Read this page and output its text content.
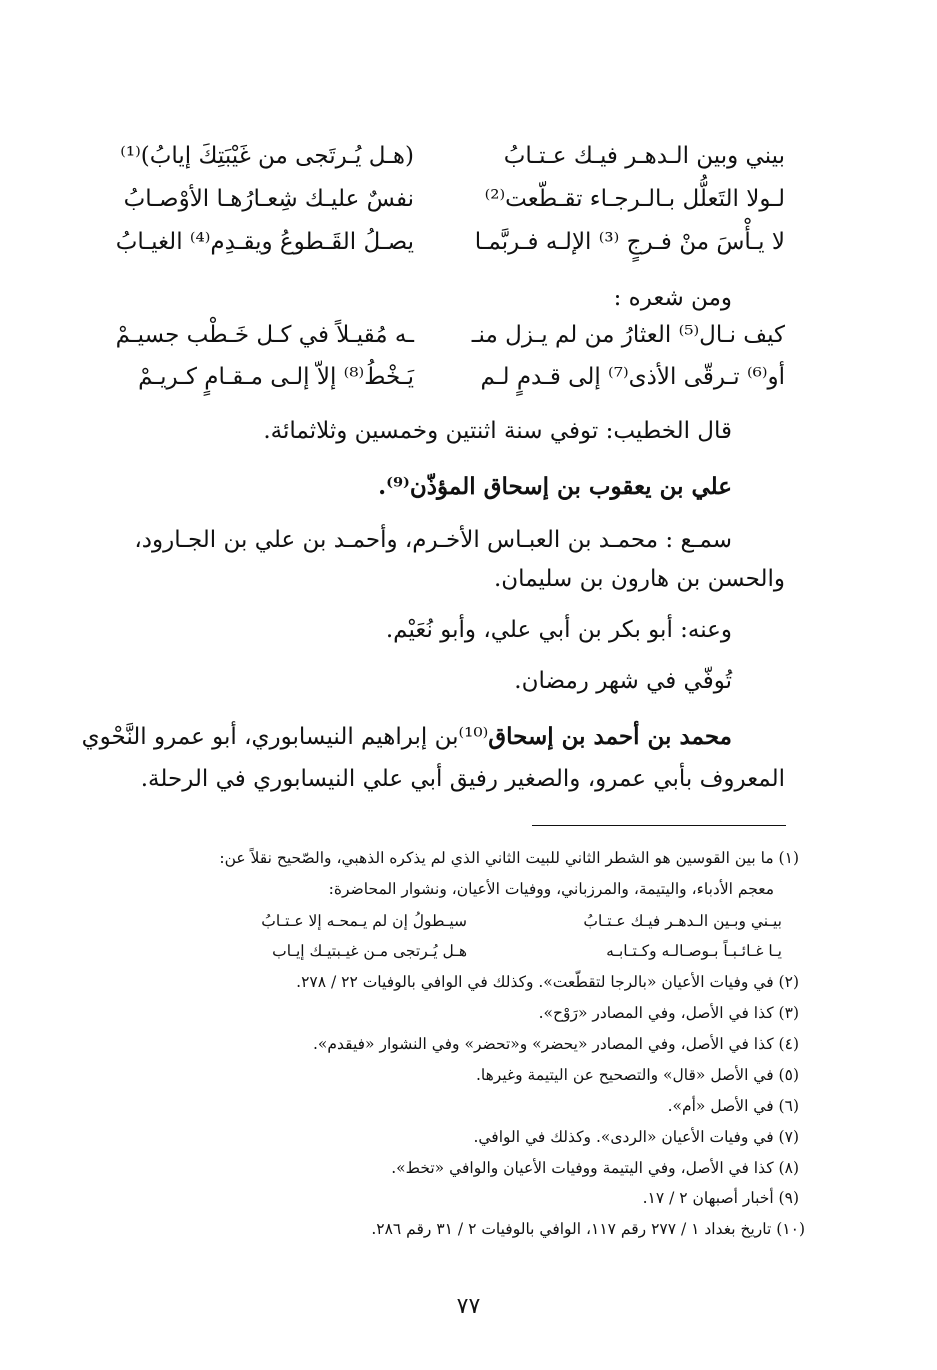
بيني وبين الـدهـر فيـك عـتـابُ
(هـل يُـرتَجى من غَيْبَتِكَ إيابُ)⁽¹⁾
لـولا التَعلُّل بـالـرجـاء تقـطّعت⁽²⁾
نفسٌ عليـك شِعـارُهـا الأوْصـابُ
لا يـأْسَ منْ فـرجٍ ⁽³⁾ الإلـه فـربَّمـا
يصـلُ القَـطوعُ ويقـدِم⁽⁴⁾ الغيـابُ
ومن شعره :
كيف نـال⁽⁵⁾ العثارُ من لم يـزل منـ
ـه مُقيـلاً في كـل خَـطْب جسيـمْ
أو⁽⁶⁾ تـرقّى الأذى⁽⁷⁾ إلى قـدمٍ لـم
يَـخْطُ⁽⁸⁾ إلاّ إلـى مـقـامٍ كـريـمْ
قال الخطيب: توفي سنة اثنتين وخمسين وثلاثمائة.
علي بن يعقوب بن إسحاق المؤذّن⁽⁹⁾.
سمـع : محمـد بن العبـاس الأخـرم، وأحمـد بن علي بن الجـارود،
والحسن بن هارون بن سليمان.
وعنه: أبو بكر بن أبي علي، وأبو نُعَيْم.
تُوفّي في شهر رمضان.
محمد بن أحمد بن إسحاق⁽¹⁰⁾بن إبراهيم النيسابوري، أبو عمرو النَّحْوي
المعروف بأبي عمرو، والصغير رفيق أبي علي النيسابوري في الرحلة.
(١) ما بين القوسين هو الشطر الثاني للبيت الثاني الذي لم يذكره الذهبي، والصّحيح نقلاً عن:
معجم الأدباء، واليتيمة، والمرزباني، ووفيات الأعيان، ونشوار المحاضرة:
بيـني وبـين الـدهـر فيـك عـتـابُ
سيـطولُ إن لم يـمحـه إلا عـتـابُ
يـا غـائـبـاً بـوصـالـه وكـتـابـه
هـل يُـرتجى مـن غيـبتيـك إيـاب
(٢) في وفيات الأعيان «بالرجا لتقطّعت». وكذلك في الوافي بالوفيات ٢٢ / ٢٧٨.
(٣) كذا في الأصل، وفي المصادر «رَوْح».
(٤) كذا في الأصل، وفي المصادر «يحضر» و«تحضر» وفي النشوار «فيقدم».
(٥) في الأصل «قال» والتصحيح عن اليتيمة وغيرها.
(٦) في الأصل «أم».
(٧) في وفيات الأعيان «الردى». وكذلك في الوافي.
(٨) كذا في الأصل، وفي اليتيمة ووفيات الأعيان والوافي «تخط».
(٩) أخبار أصبهان ٢ / ١٧.
(١٠) تاريخ بغداد ١ / ٢٧٧ رقم ١١٧، الوافي بالوفيات ٢ / ٣١ رقم ٢٨٦.
٧٧
